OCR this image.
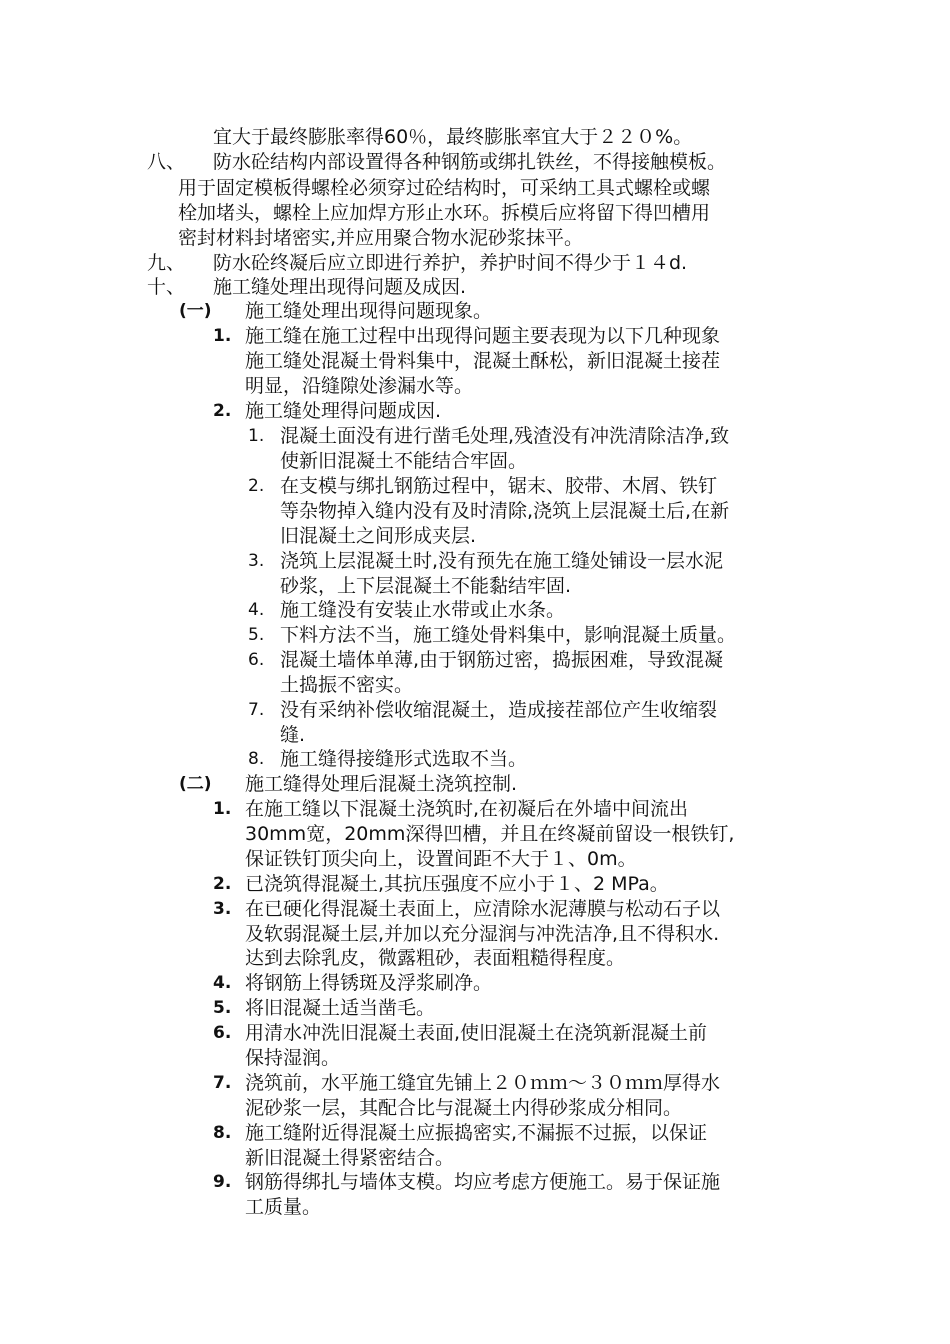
宜大于最终膨胀率得60％，最终膨胀率宜大于２２０%。
八、 防水砼结构内部设置得各种钢筋或绑扎铁丝，不得接触模板。
用于固定模板得螺栓必须穿过砼结构时，可采纳工具式螺栓或螺
栓加堵头，螺栓上应加焊方形止水环。拆模后应将留下得凹槽用
密封材料封堵密实,并应用聚合物水泥砂浆抹平。
九、 防水砼终凝后应立即进行养护，养护时间不得少于１４d.
十、 施工缝处理出现得问题及成因.
(一) 施工缝处理出现得问题现象。
1. 施工缝在施工过程中出现得问题主要表现为以下几种现象
施工缝处混凝土骨料集中，混凝土酥松，新旧混凝土接茬
明显，沿缝隙处渗漏水等。
2. 施工缝处理得问题成因.
1. 混凝土面没有进行凿毛处理,残渣没有冲洗清除洁净,致
使新旧混凝土不能结合牢固。
2. 在支模与绑扎钢筋过程中，锯末、胶带、木屑、铁钉
等杂物掉入缝内没有及时清除,浇筑上层混凝土后,在新
旧混凝土之间形成夹层.
3. 浇筑上层混凝土时,没有预先在施工缝处铺设一层水泥
砂浆，上下层混凝土不能黏结牢固.
4. 施工缝没有安装止水带或止水条。
5. 下料方法不当，施工缝处骨料集中，影响混凝土质量。
6. 混凝土墙体单薄,由于钢筋过密，捣振困难，导致混凝
土捣振不密实。
7. 没有采纳补偿收缩混凝土，造成接茬部位产生收缩裂
缝.
8. 施工缝得接缝形式选取不当。
(二) 施工缝得处理后混凝土浇筑控制.
1. 在施工缝以下混凝土浇筑时,在初凝后在外墙中间流出
30mm宽，20mm深得凹槽，并且在终凝前留设一根铁钉,
保证铁钉顶尖向上，设置间距不大于１、0m。
2. 已浇筑得混凝土,其抗压强度不应小于１、2 MPa。
3. 在已硬化得混凝土表面上，应清除水泥薄膜与松动石子以
及软弱混凝土层,并加以充分湿润与冲洗洁净,且不得积水.
达到去除乳皮，微露粗砂，表面粗糙得程度。
4. 将钢筋上得锈斑及浮浆刷净。
5. 将旧混凝土适当凿毛。
6. 用清水冲洗旧混凝土表面,使旧混凝土在浇筑新混凝土前
保持湿润。
7. 浇筑前，水平施工缝宜先铺上２０ｍｍ～３０ｍｍ厚得水
泥砂浆一层，其配合比与混凝土内得砂浆成分相同。
8. 施工缝附近得混凝土应振捣密实,不漏振不过振，以保证
新旧混凝土得紧密结合。
9. 钢筋得绑扎与墙体支模。均应考虑方便施工。易于保证施
工质量。
